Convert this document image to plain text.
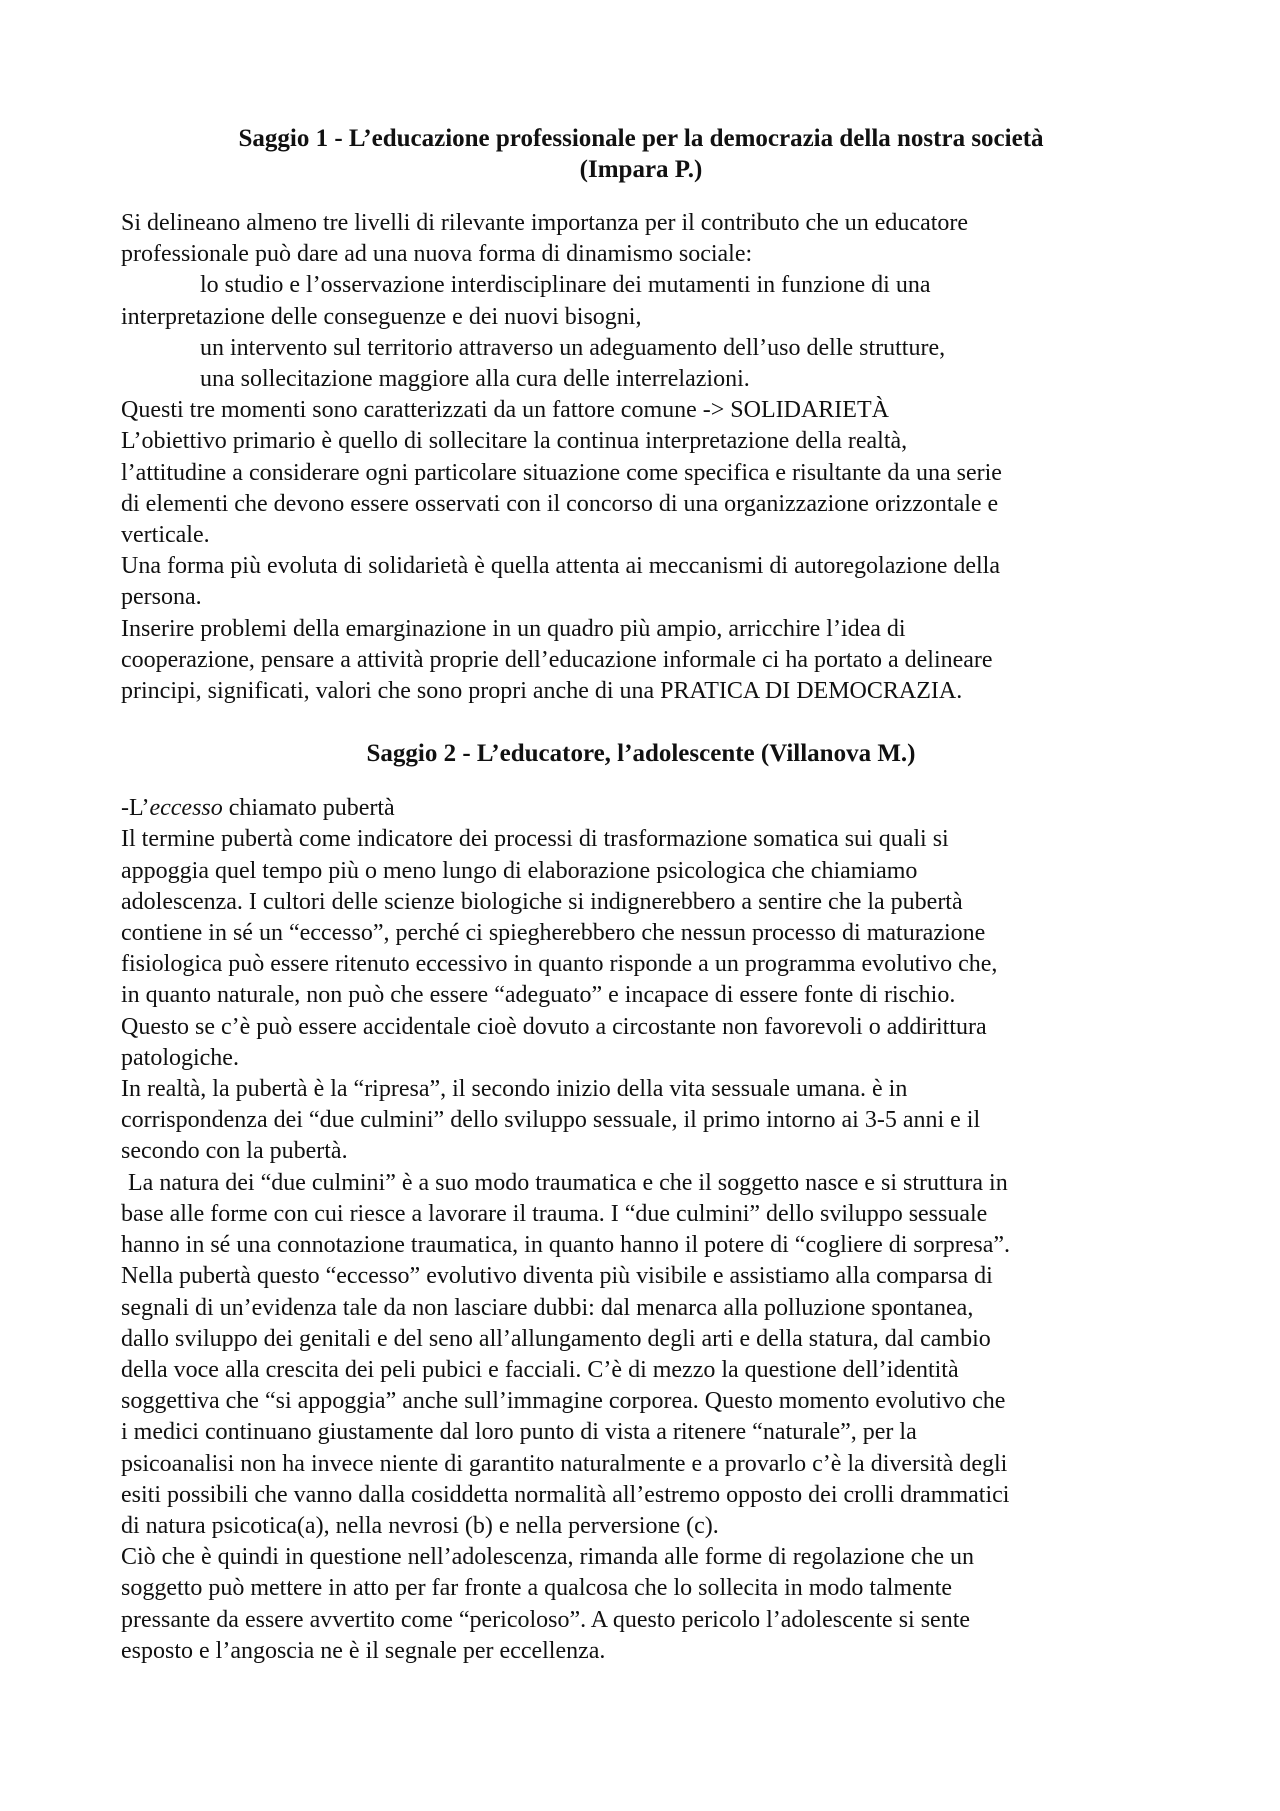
Saggio 1 - L’educazione professionale per la democrazia della nostra società
(Impara P.)
Si delineano almeno tre livelli di rilevante importanza per il contributo che un educatore
professionale può dare ad una nuova forma di dinamismo sociale:
lo studio e l’osservazione interdisciplinare dei mutamenti in funzione di una
interpretazione delle conseguenze e dei nuovi bisogni,
un intervento sul territorio attraverso un adeguamento dell’uso delle strutture,
una sollecitazione maggiore alla cura delle interrelazioni.
Questi tre momenti sono caratterizzati da un fattore comune -> SOLIDARIETÀ
L’obiettivo primario è quello di sollecitare la continua interpretazione della realtà,
l’attitudine a considerare ogni particolare situazione come specifica e risultante da una serie
di elementi che devono essere osservati con il concorso di una organizzazione orizzontale e
verticale.
Una forma più evoluta di solidarietà è quella attenta ai meccanismi di autoregolazione della
persona.
Inserire problemi della emarginazione in un quadro più ampio, arricchire l’idea di
cooperazione, pensare a attività proprie dell’educazione informale ci ha portato a delineare
principi, significati, valori che sono propri anche di una PRATICA DI DEMOCRAZIA.
Saggio 2 - L’educatore, l’adolescente (Villanova M.)
-L’eccesso chiamato pubertà
Il termine pubertà come indicatore dei processi di trasformazione somatica sui quali si
appoggia quel tempo più o meno lungo di elaborazione psicologica che chiamiamo
adolescenza. I cultori delle scienze biologiche si indignerebbero a sentire che la pubertà
contiene in sé un “eccesso”, perché ci spiegherebbero che nessun processo di maturazione
fisiologica può essere ritenuto eccessivo in quanto risponde a un programma evolutivo che,
in quanto naturale, non può che essere “adeguato” e incapace di essere fonte di rischio.
Questo se c’è può essere accidentale cioè dovuto a circostante non favorevoli o addirittura
patologiche.
In realtà, la pubertà è la “ripresa”, il secondo inizio della vita sessuale umana. è in
corrispondenza dei “due culmini” dello sviluppo sessuale, il primo intorno ai 3-5 anni e il
secondo con la pubertà.
La natura dei “due culmini” è a suo modo traumatica e che il soggetto nasce e si struttura in
base alle forme con cui riesce a lavorare il trauma. I “due culmini” dello sviluppo sessuale
hanno in sé una connotazione traumatica, in quanto hanno il potere di “cogliere di sorpresa”.
Nella pubertà questo “eccesso” evolutivo diventa più visibile e assistiamo alla comparsa di
segnali di un’evidenza tale da non lasciare dubbi: dal menarca alla polluzione spontanea,
dallo sviluppo dei genitali e del seno all’allungamento degli arti e della statura, dal cambio
della voce alla crescita dei peli pubici e facciali. C’è di mezzo la questione dell’identità
soggettiva che “si appoggia” anche sull’immagine corporea. Questo momento evolutivo che
i medici continuano giustamente dal loro punto di vista a ritenere “naturale”, per la
psicoanalisi non ha invece niente di garantito naturalmente e a provarlo c’è la diversità degli
esiti possibili che vanno dalla cosiddetta normalità all’estremo opposto dei crolli drammatici
di natura psicotica(a), nella nevrosi (b) e nella perversione (c).
Ciò che è quindi in questione nell’adolescenza, rimanda alle forme di regolazione che un
soggetto può mettere in atto per far fronte a qualcosa che lo sollecita in modo talmente
pressante da essere avvertito come “pericoloso”. A questo pericolo l’adolescente si sente
esposto e l’angoscia ne è il segnale per eccellenza.
